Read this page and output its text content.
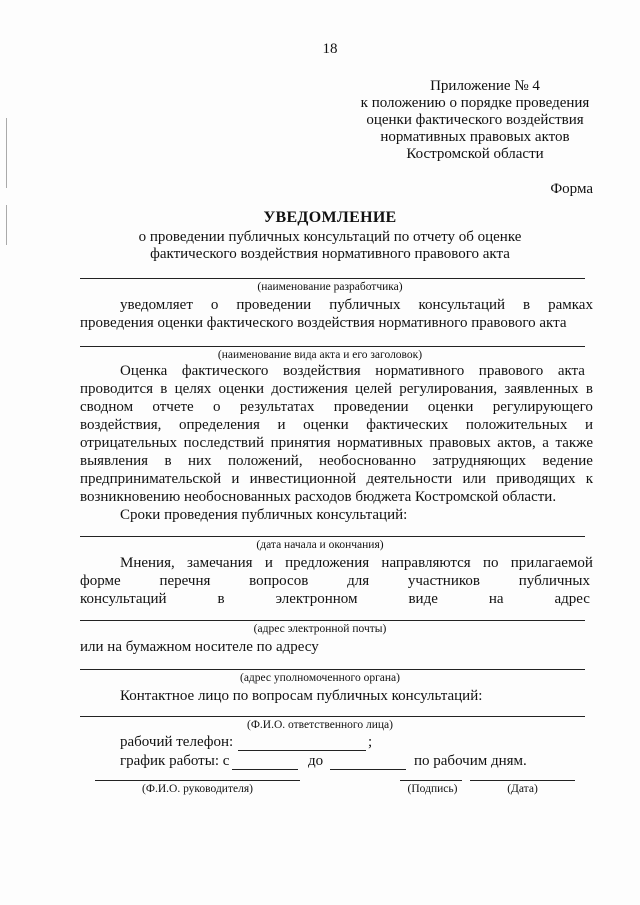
18
Приложение № 4
к положению о порядке проведения
оценки фактического воздействия
нормативных правовых актов
Костромской области
Форма
УВЕДОМЛЕНИЕ
о проведении публичных консультаций по отчету об оценке
фактического воздействия нормативного правового акта
(наименование разработчика)
уведомляет о проведении публичных консультаций в рамках
проведения оценки фактического воздействия нормативного правового акта
(наименование вида акта и его заголовок)
Оценка фактического воздействия нормативного правового акта
проводится в целях оценки достижения целей регулирования, заявленных в
сводном отчете о результатах проведении оценки регулирующего
воздействия, определения и оценки фактических положительных и
отрицательных последствий принятия нормативных правовых актов, а также
выявления в них положений, необоснованно затрудняющих ведение
предпринимательской и инвестиционной деятельности или приводящих к
возникновению необоснованных расходов бюджета Костромской области.
Сроки проведения публичных консультаций:
(дата начала и окончания)
Мнения, замечания и предложения направляются по прилагаемой
форме	перечня	вопросов	для	участников	публичных
консультаций	в	электронном	виде	на	адрес
(адрес электронной почты)
или на бумажном носителе по адресу
(адрес уполномоченного органа)
Контактное лицо по вопросам публичных консультаций:
(Ф.И.О. ответственного лица)
рабочий телефон:	;
график работы: с	до	по рабочим дням.
(Ф.И.О. руководителя)	(Подпись)	(Дата)
